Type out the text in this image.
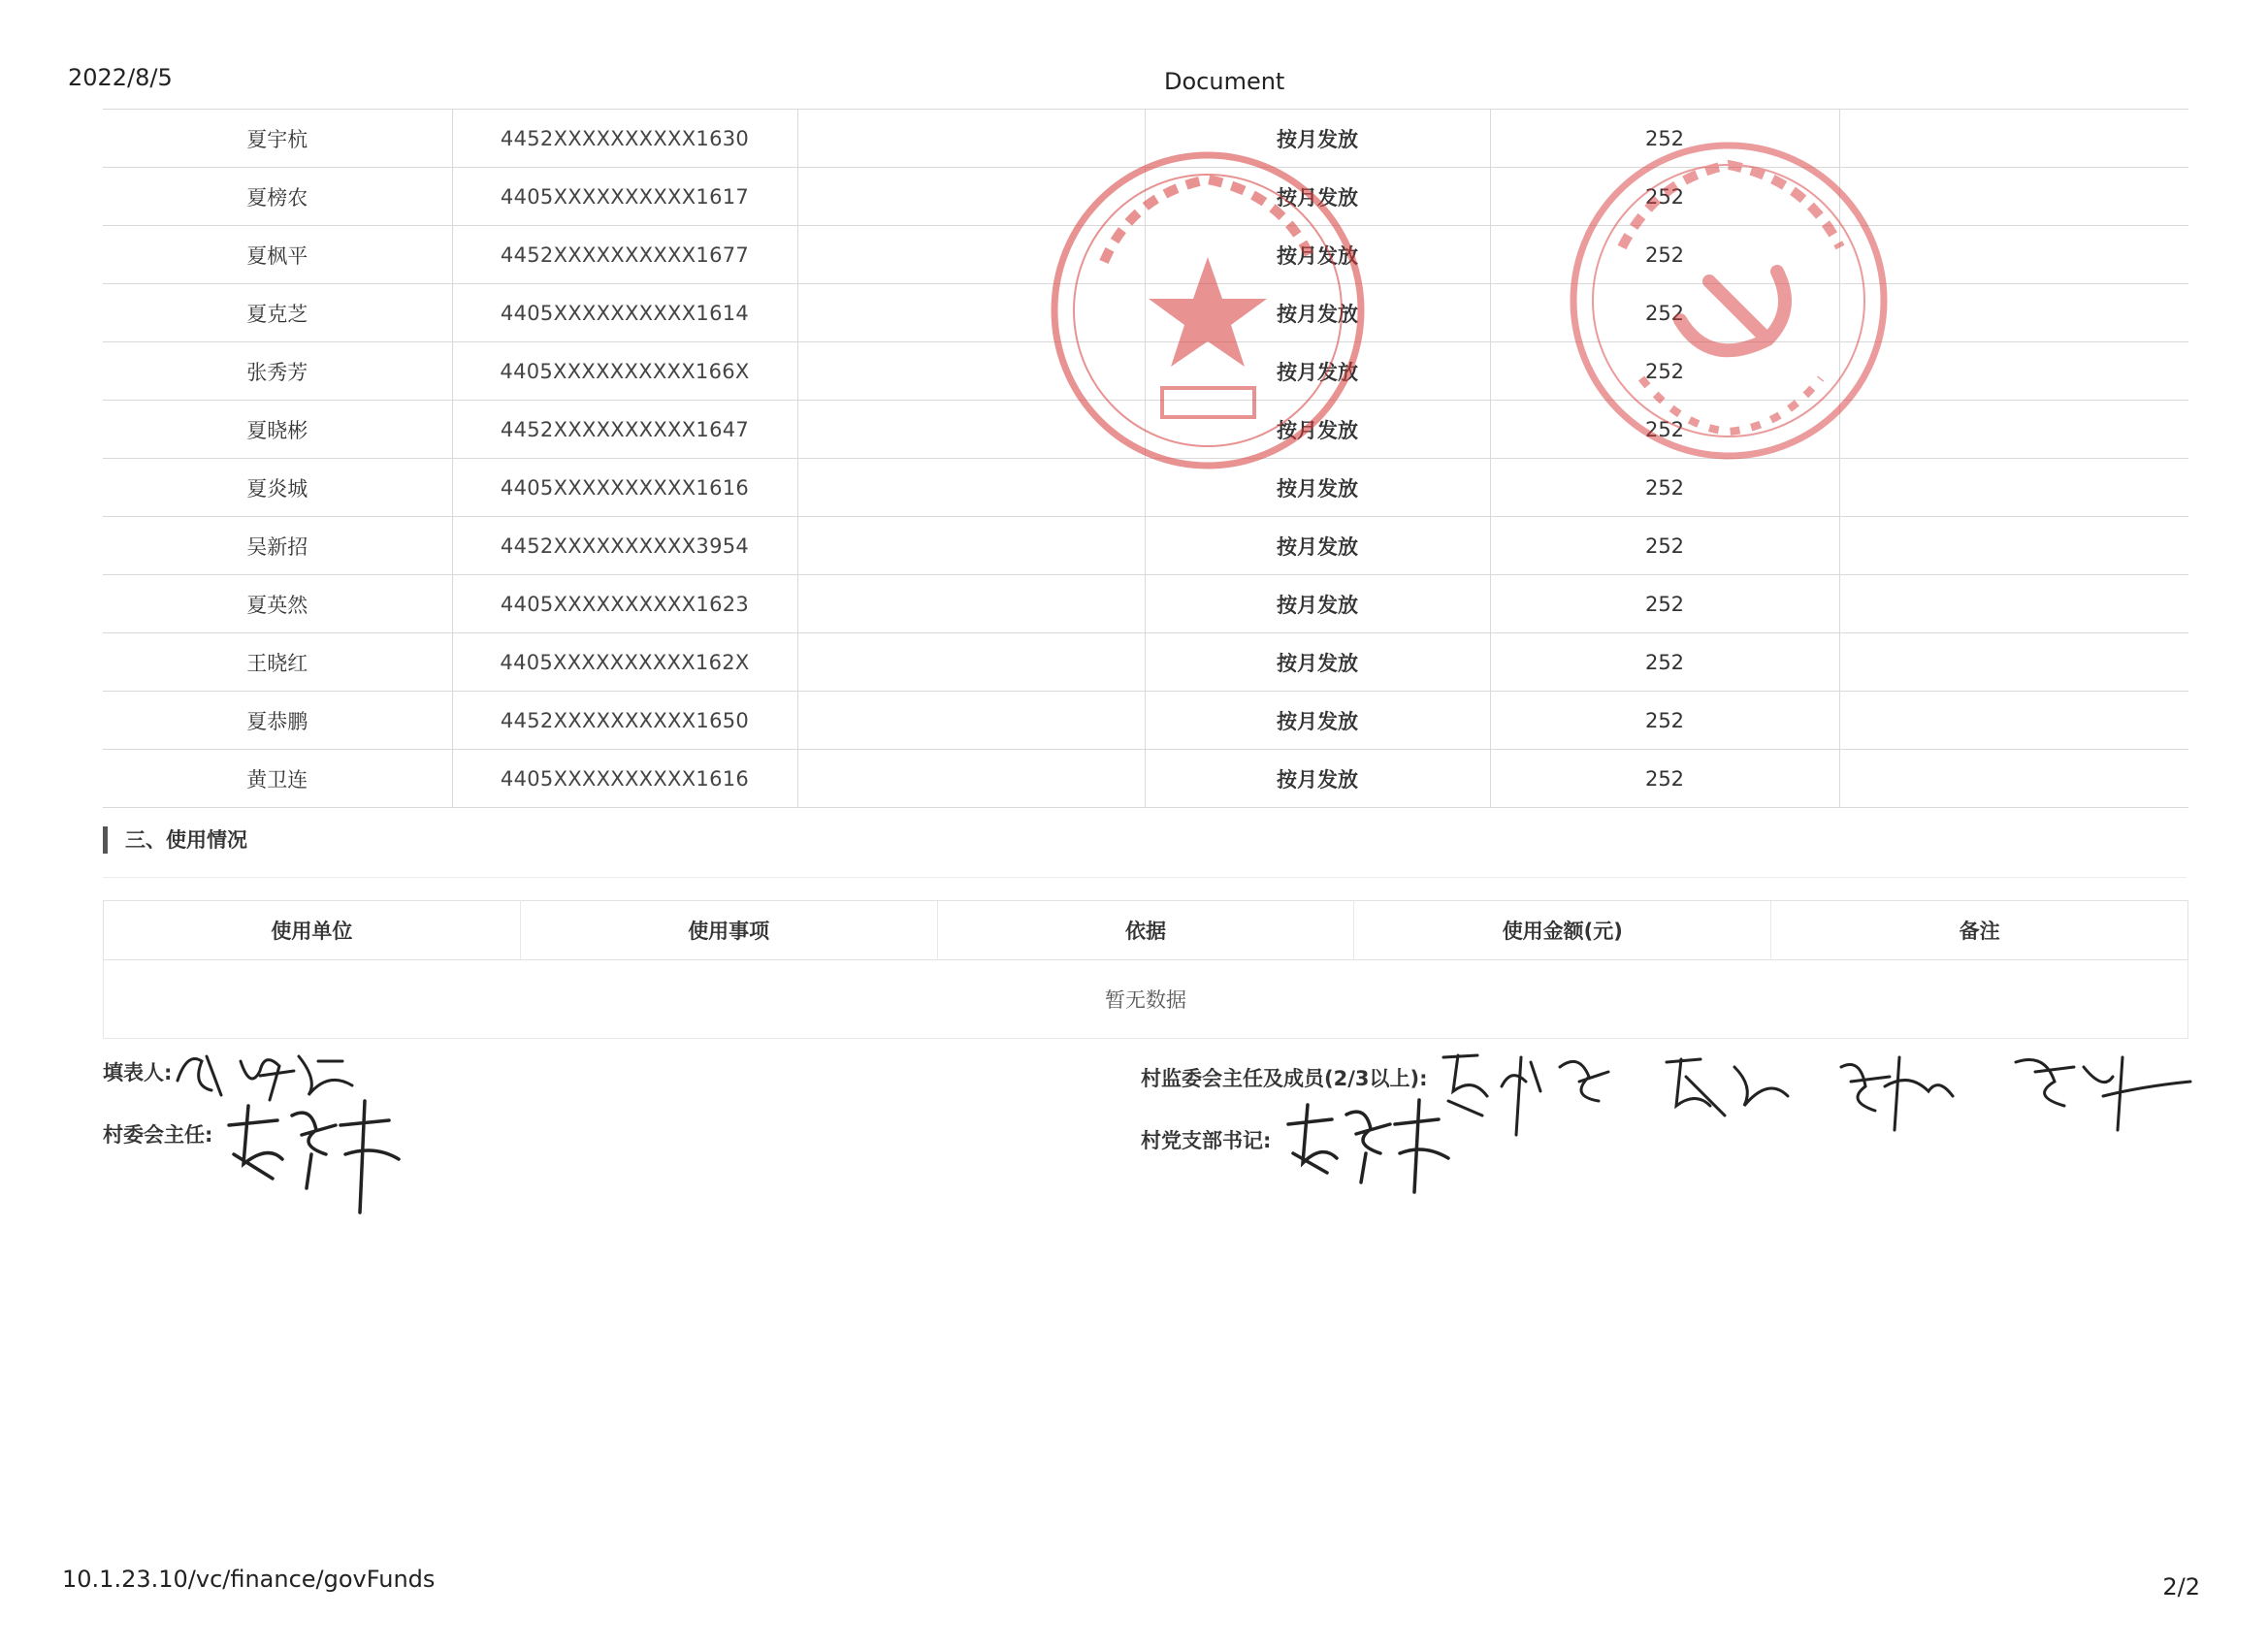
2022/8/5	Document
夏宇杭	4452XXXXXXXXXX1630		按月发放	252	
夏榜农	4405XXXXXXXXXX1617		按月发放	252	
夏枫平	4452XXXXXXXXXX1677		按月发放	252	
夏克芝	4405XXXXXXXXXX1614		按月发放	252	
张秀芳	4405XXXXXXXXXX166X		按月发放	252	
夏晓彬	4452XXXXXXXXXX1647		按月发放	252	
夏炎城	4405XXXXXXXXXX1616		按月发放	252	
吴新招	4452XXXXXXXXXX3954		按月发放	252	
夏英然	4405XXXXXXXXXX1623		按月发放	252	
王晓红	4405XXXXXXXXXX162X		按月发放	252	
夏恭鹏	4452XXXXXXXXXX1650		按月发放	252	
黄卫连	4405XXXXXXXXXX1616		按月发放	252	
三、使用情况
使用单位	使用事项	依据	使用金额(元)	备注
暂无数据
填表人:
村委会主任:
村监委会主任及成员(2/3以上):
村党支部书记:
10.1.23.10/vc/finance/govFunds	2/2
